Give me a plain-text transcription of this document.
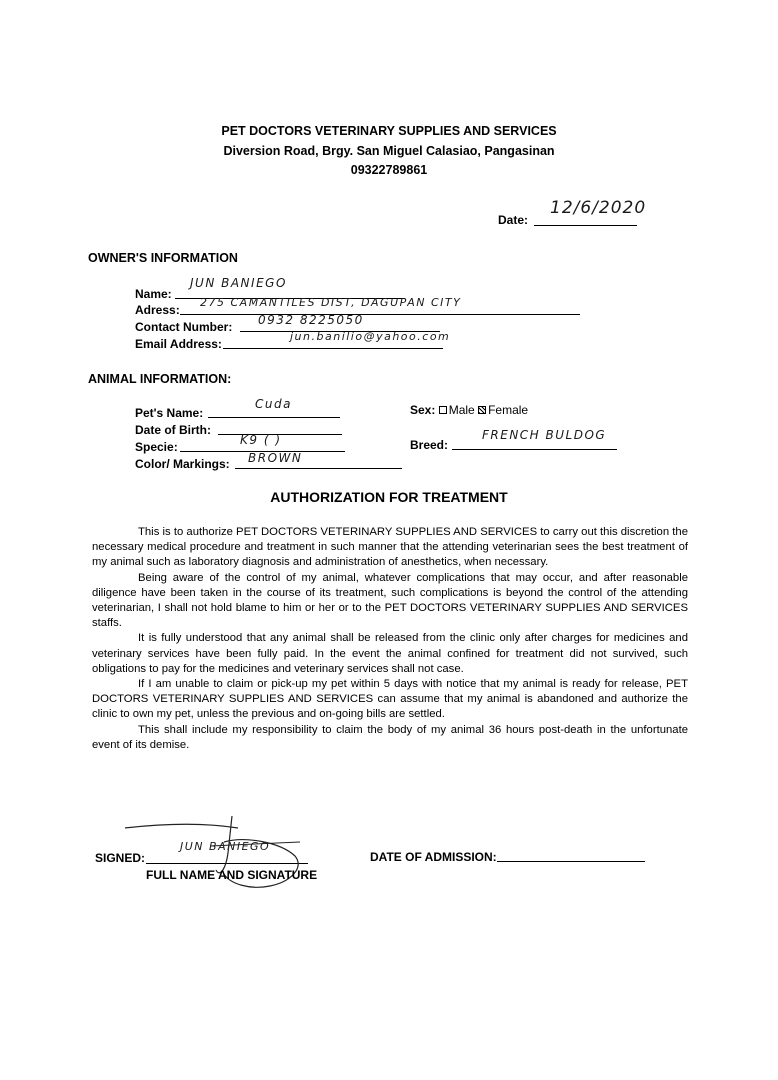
PET DOCTORS VETERINARY SUPPLIES AND SERVICES
Diversion Road, Brgy. San Miguel Calasiao, Pangasinan
09322789861
Date:
12/6/2020
OWNER'S INFORMATION
Name:
JUN BANIEGO
Adress:
275 CAMANTILES DIST, DAGUPAN CITY
Contact Number: 0932 8225050
Email Address:
jun.banilio@yahoo.com
ANIMAL INFORMATION:
Pet's Name:
Cuda
Date of Birth:
Specie:	K9 ( )
Color/ Markings: BROWN
Sex: Male Female
Breed:
FRENCH BULDOG
AUTHORIZATION FOR TREATMENT

This is to authorize PET DOCTORS VETERINARY SUPPLIES AND SERVICES to carry out this discretion the necessary medical procedure and treatment in such manner that the attending veterinarian sees the best treatment of my animal such as laboratory diagnosis and administration of anesthetics, when necessary.

Being aware of the control of my animal, whatever complications that may occur, and after reasonable diligence have been taken in the course of its treatment, such complications is beyond the control of the attending veterinarian, I shall not hold blame to him or her or to the PET DOCTORS VETERINARY SUPPLIES AND SERVICES staffs.

It is fully understood that any animal shall be released from the clinic only after charges for medicines and veterinary services have been fully paid. In the event the animal confined for treatment did not survived, such obligations to pay for the medicines and veterinary services shall not case.

If I am unable to claim or pick-up my pet within 5 days with notice that my animal is ready for release, PET DOCTORS VETERINARY SUPPLIES AND SERVICES can assume that my animal is abandoned and authorize the clinic to own my pet, unless the previous and on-going bills are settled.

This shall include my responsibility to claim the body of my animal 36 hours post-death in the unfortunate event of its demise.

SIGNED:
JUN BANIEGO
FULL NAME AND SIGNATURE
DATE OF ADMISSION:
